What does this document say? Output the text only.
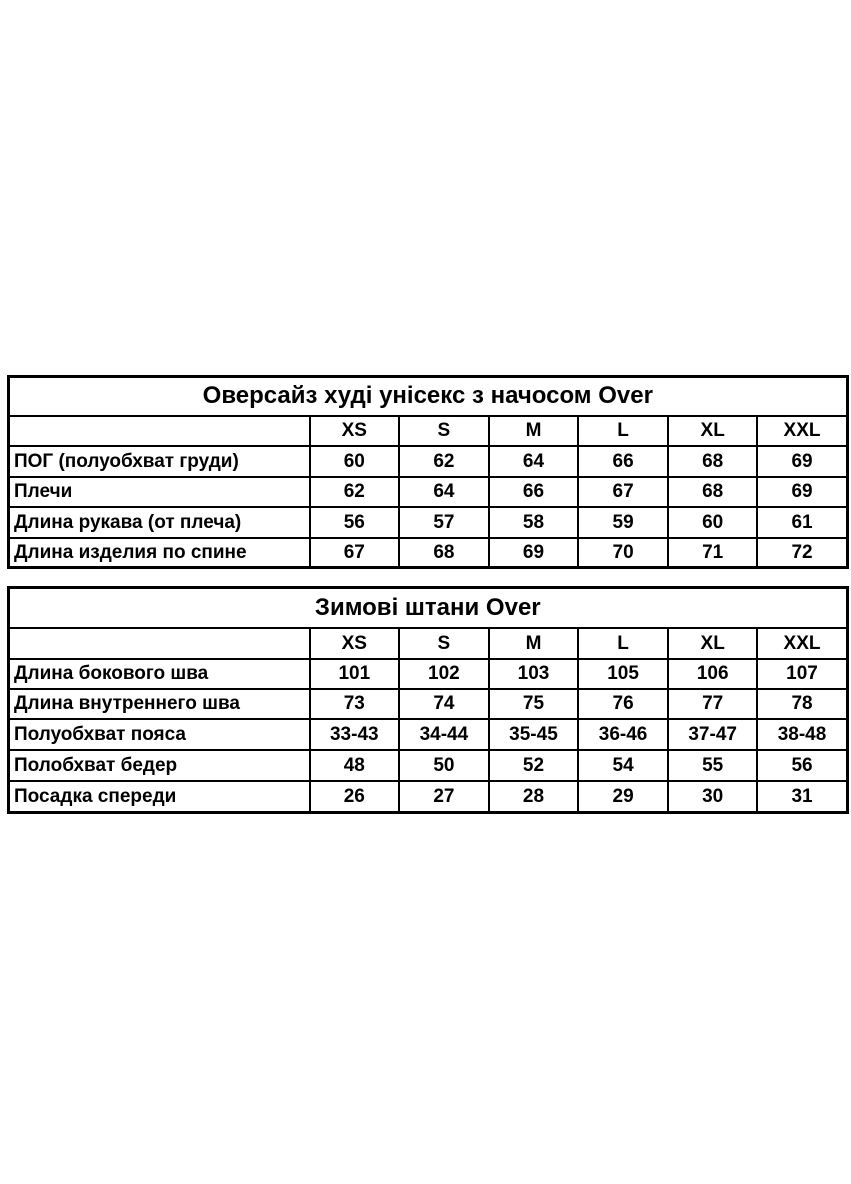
Оверсайз худі унісекс з начосом Over						
	XS	S	M	L	XL	XXL
ПОГ (полуобхват груди)	60	62	64	66	68	69
Плечи	62	64	66	67	68	69
Длина рукава (от плеча)	56	57	58	59	60	61
Длина изделия по спине	67	68	69	70	71	72
Зимові штани Over						
	XS	S	M	L	XL	XXL
Длина бокового шва	101	102	103	105	106	107
Длина внутреннего шва	73	74	75	76	77	78
Полуобхват пояса	33-43	34-44	35-45	36-46	37-47	38-48
Полобхват бедер	48	50	52	54	55	56
Посадка спереди	26	27	28	29	30	31
